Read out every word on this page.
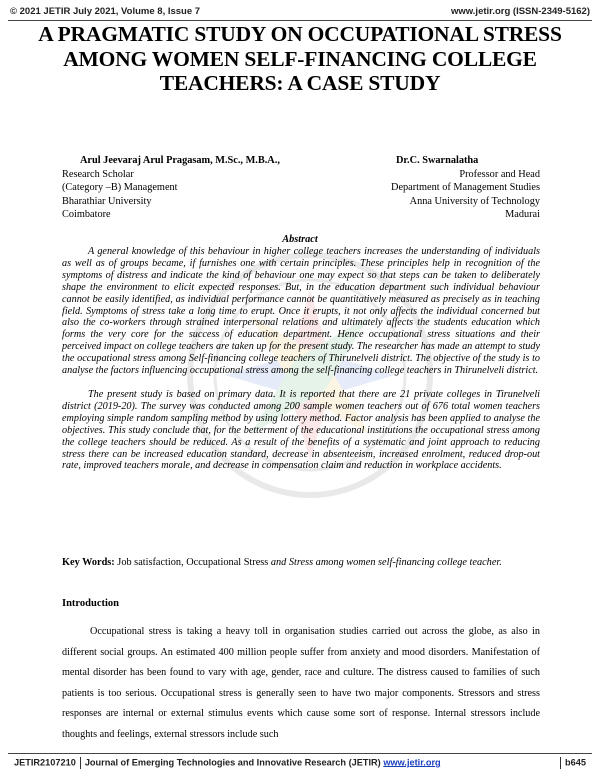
© 2021 JETIR July 2021, Volume 8, Issue 7	www.jetir.org (ISSN-2349-5162)
A PRAGMATIC STUDY ON OCCUPATIONAL STRESS AMONG WOMEN SELF-FINANCING COLLEGE TEACHERS: A CASE STUDY
Arul Jeevaraj Arul Pragasam, M.Sc., M.B.A.,
Research Scholar
(Category –B) Management
Bharathiar University
Coimbatore
Dr.C. Swarnalatha
Professor and Head
Department of Management Studies
Anna University of Technology
Madurai
Abstract

A general knowledge of this behaviour in higher college teachers increases the understanding of individuals as well as of groups became, if furnishes one with certain principles. These principles help in recognition of the symptoms of distress and indicate the kind of behaviour one may expect so that steps can be taken to deliberately shape the environment to elicit expected responses. But, in the education department such individual behaviour cannot be easily identified, as individual performance cannot be quantitatively measured as precisely as in teaching field. Symptoms of stress take a long time to erupt. Once it erupts, it not only affects the individual concerned but also the co-workers through strained interpersonal relations and ultimately affects the students education which forms the very core for the success of education department. Hence occupational stress situations and their perceived impact on college teachers are taken up for the present study. The researcher has made an attempt to study the occupational stress among Self-financing college teachers of Thirunelveli district. The objective of the study is to analyse the factors influencing occupational stress among the self-financing college teachers in Thirunelveli district.

The present study is based on primary data. It is reported that there are 21 private colleges in Tirunelveli district (2019-20). The survey was conducted among 200 sample women teachers out of 676 total women teachers employing simple random sampling method by using lottery method. Factor analysis has been applied to analyse the objectives. This study conclude that, for the betterment of the educational institutions the occupational stress among the college teachers should be reduced. As a result of the benefits of a systematic and joint approach to reducing stress there can be increased education standard, decrease in absenteeism, increased enrolment, reduced drop-out rate, improved teachers morale, and decrease in compensation claim and reduction in workplace accidents.

Key Words: Job satisfaction, Occupational Stress and Stress among women self-financing college teacher.
Introduction

Occupational stress is taking a heavy toll in organisation studies carried out across the globe, as also in different social groups. An estimated 400 million people suffer from anxiety and mood disorders. Manifestation of mental disorder has been found to vary with age, gender, race and culture. The distress caused to families of such patients is too serious. Occupational stress is generally seen to have two major components. Stressors and stress responses are internal or external stimulus events which cause some sort of response. Internal stressors include thoughts and feelings, external stressors include such

JETIR2107210 Journal of Emerging Technologies and Innovative Research (JETIR) www.jetir.org	b645
